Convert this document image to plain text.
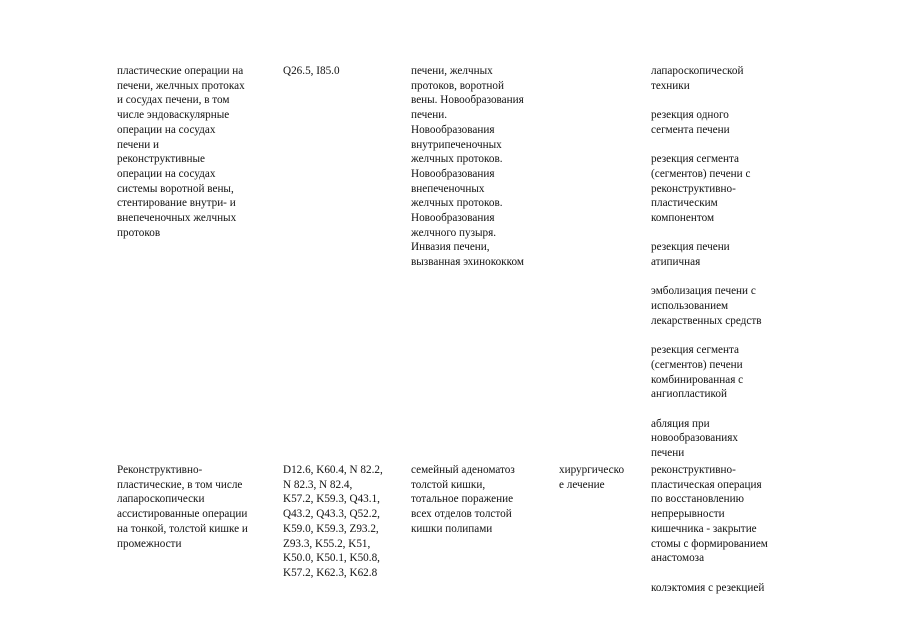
пластические операции на
печени, желчных протоках
и сосудах печени, в том
числе эндоваскулярные
операции на сосудах
печени и
реконструктивные
операции на сосудах
системы воротной вены,
стентирование внутри- и
внепеченочных желчных
протоков
Q26.5, I85.0	печени, желчных
протоков, воротной
вены. Новообразования
печени.
Новообразования
внутрипеченочных
желчных протоков.
Новообразования
внепеченочных
желчных протоков.
Новообразования
желчного пузыря.
Инвазия печени,
вызванная эхинококком
лапароскопической
техники
резекция одного
сегмента печени
резекция сегмента
(сегментов) печени с
реконструктивно-
пластическим
компонентом
резекция печени
атипичная
эмболизация печени с
использованием
лекарственных средств
резекция сегмента
(сегментов) печени
комбинированная с
ангиопластикой
абляция при
новообразованиях
печени
Реконструктивно-
пластические, в том числе
лапароскопически
ассистированные операции
на тонкой, толстой кишке и
промежности
D12.6, K60.4, N 82.2,
N 82.3, N 82.4,
K57.2, K59.3, Q43.1,
Q43.2, Q43.3, Q52.2,
K59.0, K59.3, Z93.2,
Z93.3, K55.2, K51,
K50.0, K50.1, K50.8,
K57.2, K62.3, K62.8
семейный аденоматоз
толстой кишки,
тотальное поражение
всех отделов толстой
кишки полипами
хирургическо
е лечение
реконструктивно-
пластическая операция
по восстановлению
непрерывности
кишечника - закрытие
стомы с формированием
анастомоза
колэктомия с резекцией
